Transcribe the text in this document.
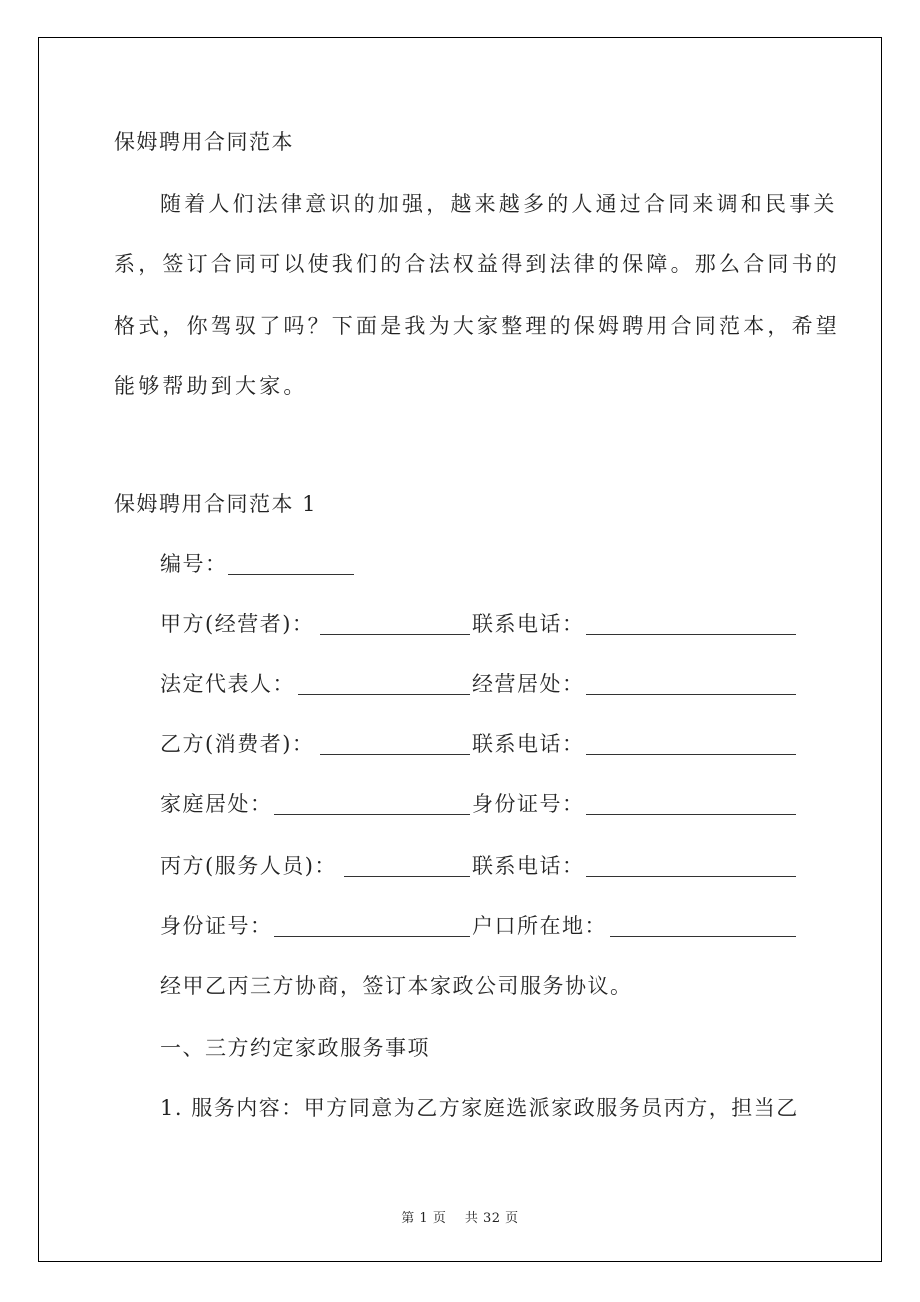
保姆聘用合同范本
随着人们法律意识的加强，越来越多的人通过合同来调和民事关
系，签订合同可以使我们的合法权益得到法律的保障。那么合同书的
格式，你驾驭了吗？下面是我为大家整理的保姆聘用合同范本，希望
能够帮助到大家。
保姆聘用合同范本 1
编号：
甲方(经营者)：	联系电话：
法定代表人：	经营居处：
乙方(消费者)：	联系电话：
家庭居处：	身份证号：
丙方(服务人员)：	联系电话：
身份证号：	户口所在地：
经甲乙丙三方协商，签订本家政公司服务协议。
一、三方约定家政服务事项
1. 服务内容：甲方同意为乙方家庭选派家政服务员丙方，担当乙
第 1 页 共 32 页
